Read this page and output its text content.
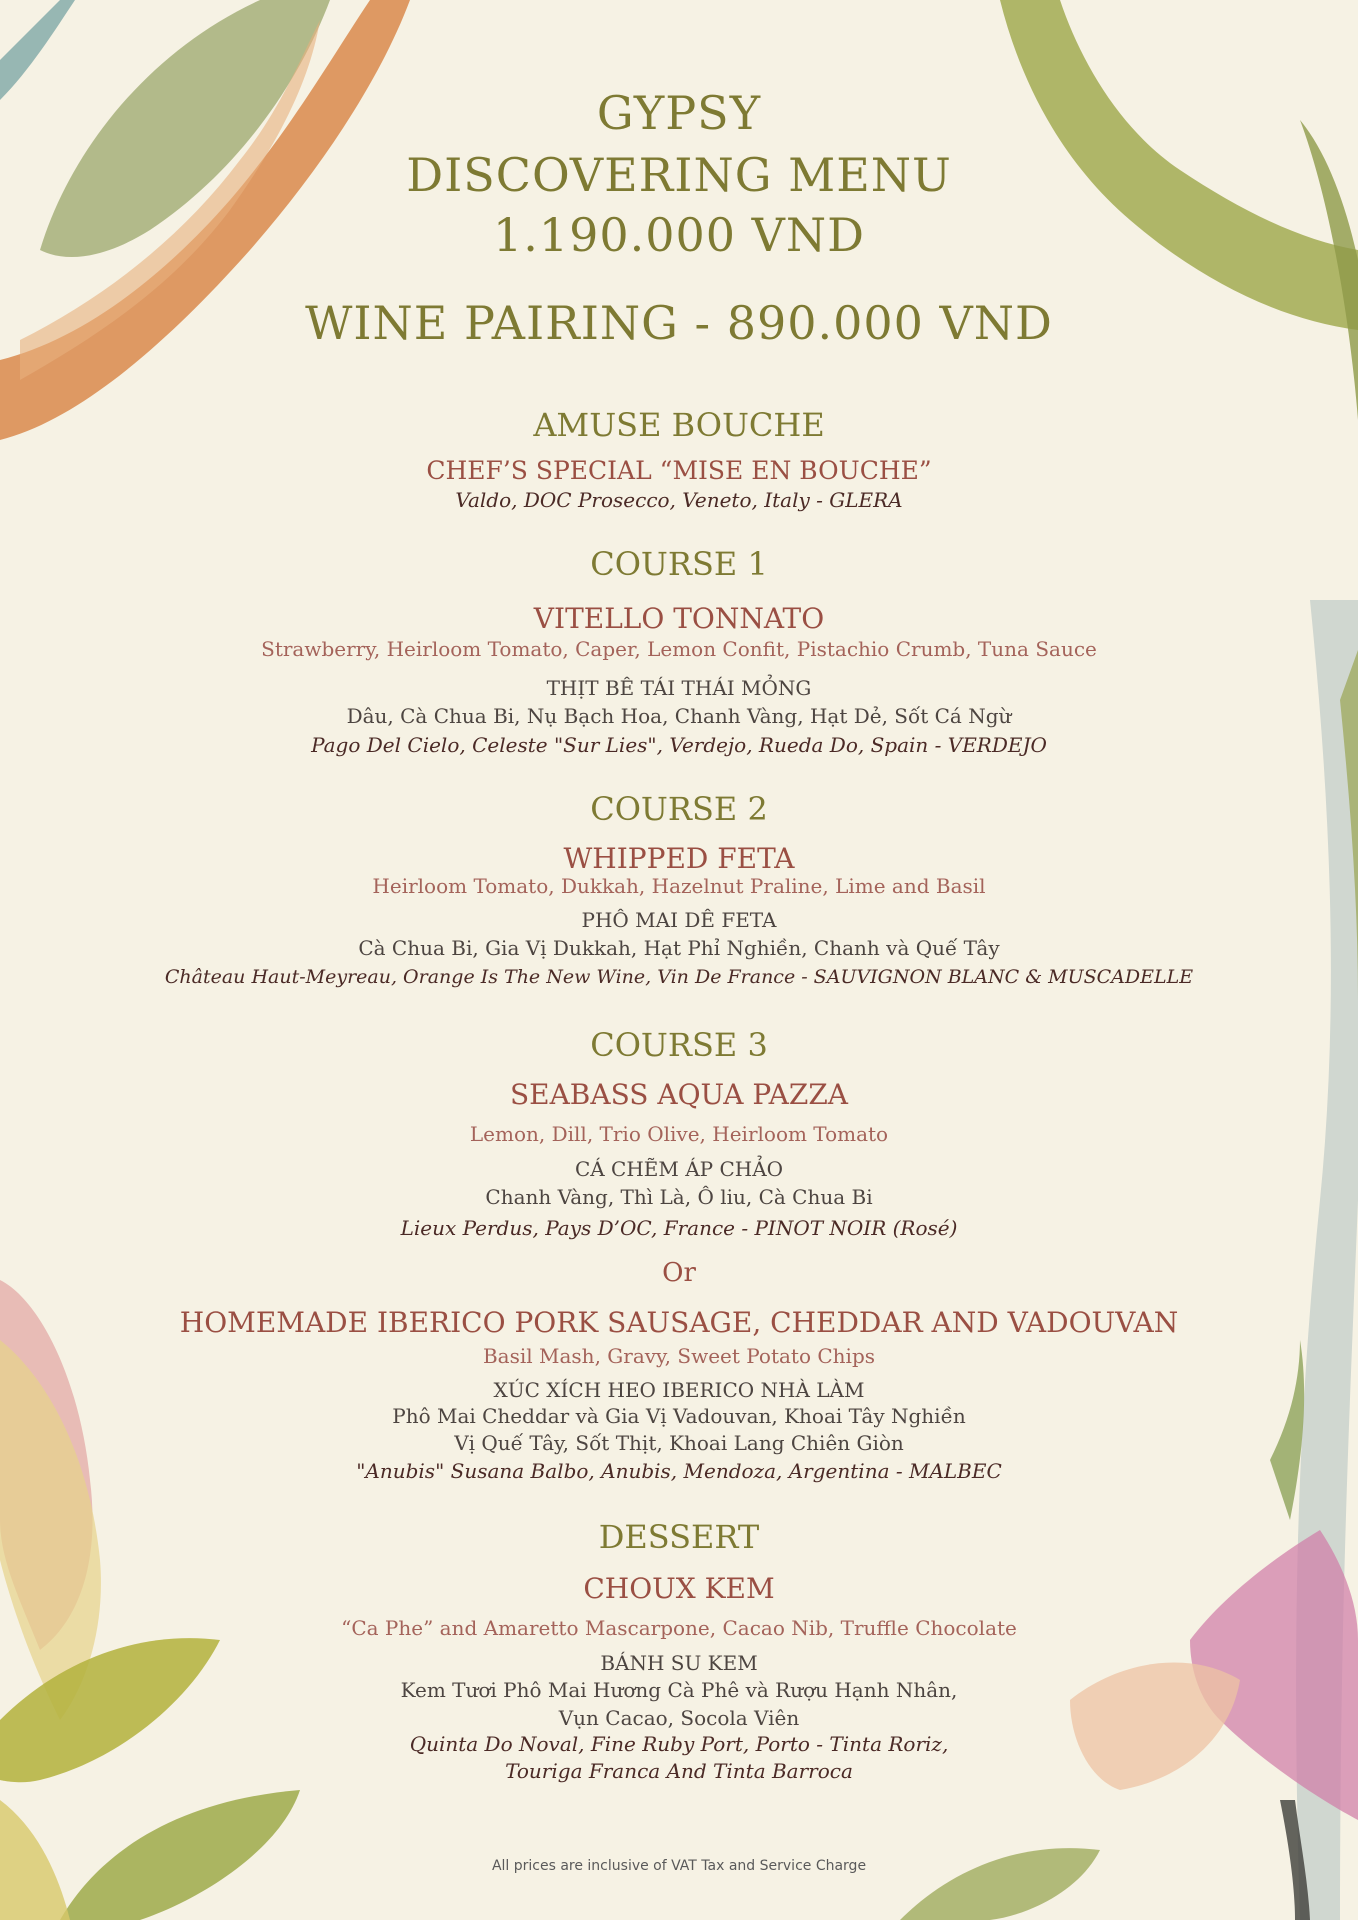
GYPSY
DISCOVERING MENU
1.190.000 VND
WINE PAIRING - 890.000 VND
AMUSE BOUCHE
CHEF’S SPECIAL “MISE EN BOUCHE”
Valdo, DOC Prosecco, Veneto, Italy - GLERA
COURSE 1
VITELLO TONNATO
Strawberry, Heirloom Tomato, Caper, Lemon Confit, Pistachio Crumb, Tuna Sauce
THỊT BÊ TÁI THÁI MỎNG
Dâu, Cà Chua Bi, Nụ Bạch Hoa, Chanh Vàng, Hạt Dẻ, Sốt Cá Ngừ
Pago Del Cielo, Celeste "Sur Lies", Verdejo, Rueda Do, Spain - VERDEJO
COURSE 2
WHIPPED FETA
Heirloom Tomato, Dukkah, Hazelnut Praline, Lime and Basil
PHÔ MAI DÊ FETA
Cà Chua Bi, Gia Vị Dukkah, Hạt Phỉ Nghiền, Chanh và Quế Tây
Château Haut-Meyreau, Orange Is The New Wine, Vin De France - SAUVIGNON BLANC & MUSCADELLE
COURSE 3
SEABASS AQUA PAZZA
Lemon, Dill, Trio Olive, Heirloom Tomato
CÁ CHẼM ÁP CHẢO
Chanh Vàng, Thì Là, Ô liu, Cà Chua Bi
Lieux Perdus, Pays D’OC, France - PINOT NOIR (Rosé)
Or
HOMEMADE IBERICO PORK SAUSAGE, CHEDDAR AND VADOUVAN
Basil Mash, Gravy, Sweet Potato Chips
XÚC XÍCH HEO IBERICO NHÀ LÀM
Phô Mai Cheddar và Gia Vị Vadouvan, Khoai Tây Nghiền
Vị Quế Tây, Sốt Thịt, Khoai Lang Chiên Giòn
"Anubis" Susana Balbo, Anubis, Mendoza, Argentina - MALBEC
DESSERT
CHOUX KEM
“Ca Phe” and Amaretto Mascarpone, Cacao Nib, Truffle Chocolate
BÁNH SU KEM
Kem Tươi Phô Mai Hương Cà Phê và Rượu Hạnh Nhân,
Vụn Cacao, Socola Viên
Quinta Do Noval, Fine Ruby Port, Porto - Tinta Roriz,
Touriga Franca And Tinta Barroca
All prices are inclusive of VAT Tax and Service Charge
